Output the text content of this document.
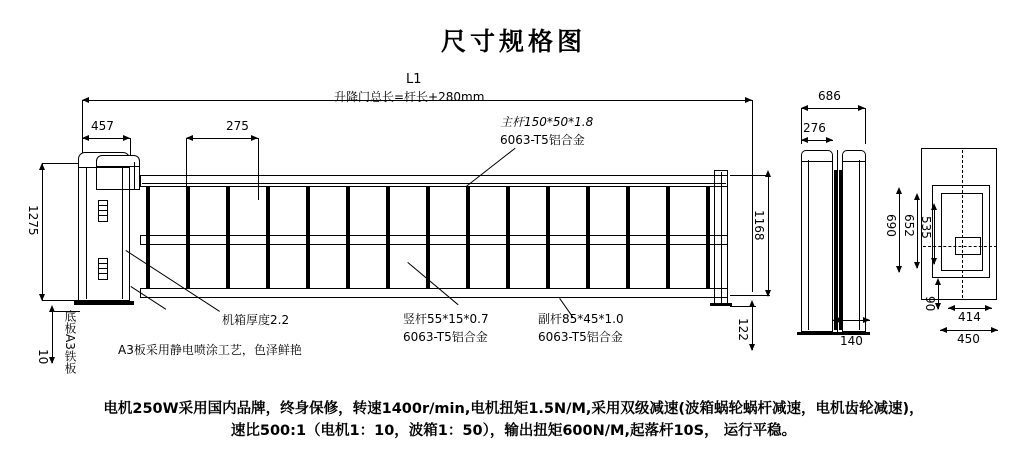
尺寸规格图
L1
升降门总长=杆长+280mm
457	275
1275
10 底板A3铁板
1168
122
主杆150*50*1.8
6063-T5铝合金
竖杆55*15*0.7
6063-T5铝合金
副杆85*45*1.0
6063-T5铝合金
机箱厚度2.2
A3板采用静电喷涂工艺，色泽鲜艳
686
276
140
690 652 535
90
414
450
电机250W采用国内品牌，终身保修，转速1400r/min,电机扭矩1.5N/M,采用双级减速(波箱蜗轮蜗杆减速，电机齿轮减速)，
速比500:1（电机1：10，波箱1：50），输出扭矩600N/M,起落杆10S， 运行平稳。
